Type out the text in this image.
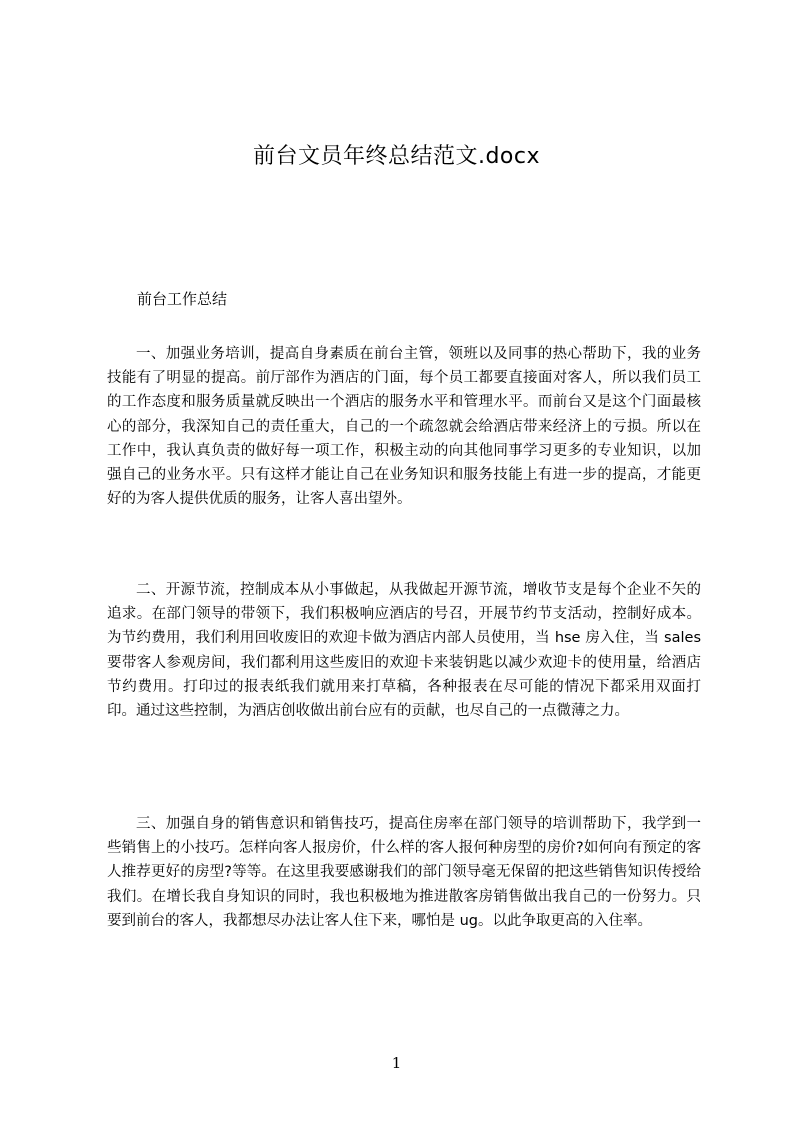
前台文员年终总结范文.docx
前台工作总结

一、加强业务培训，提高自身素质在前台主管，领班以及同事的热心帮助下，我的业务技能有了明显的提高。前厅部作为酒店的门面，每个员工都要直接面对客人，所以我们员工的工作态度和服务质量就反映出一个酒店的服务水平和管理水平。而前台又是这个门面最核心的部分，我深知自己的责任重大，自己的一个疏忽就会给酒店带来经济上的亏损。所以在工作中，我认真负责的做好每一项工作，积极主动的向其他同事学习更多的专业知识，以加强自己的业务水平。只有这样才能让自己在业务知识和服务技能上有进一步的提高，才能更好的为客人提供优质的服务，让客人喜出望外。

二、开源节流，控制成本从小事做起，从我做起开源节流，增收节支是每个企业不矢的追求。在部门领导的带领下，我们积极响应酒店的号召，开展节约节支活动，控制好成本。为节约费用，我们利用回收废旧的欢迎卡做为酒店内部人员使用，当 hse 房入住，当 sales 要带客人参观房间，我们都利用这些废旧的欢迎卡来装钥匙以减少欢迎卡的使用量，给酒店节约费用。打印过的报表纸我们就用来打草稿，各种报表在尽可能的情况下都采用双面打印。通过这些控制，为酒店创收做出前台应有的贡献，也尽自己的一点微薄之力。

三、加强自身的销售意识和销售技巧，提高住房率在部门领导的培训帮助下，我学到一些销售上的小技巧。怎样向客人报房价，什么样的客人报何种房型的房价?如何向有预定的客人推荐更好的房型?等等。在这里我要感谢我们的部门领导毫无保留的把这些销售知识传授给我们。在增长我自身知识的同时，我也积极地为推进散客房销售做出我自己的一份努力。只要到前台的客人，我都想尽办法让客人住下来，哪怕是 ug。以此争取更高的入住率。

1
